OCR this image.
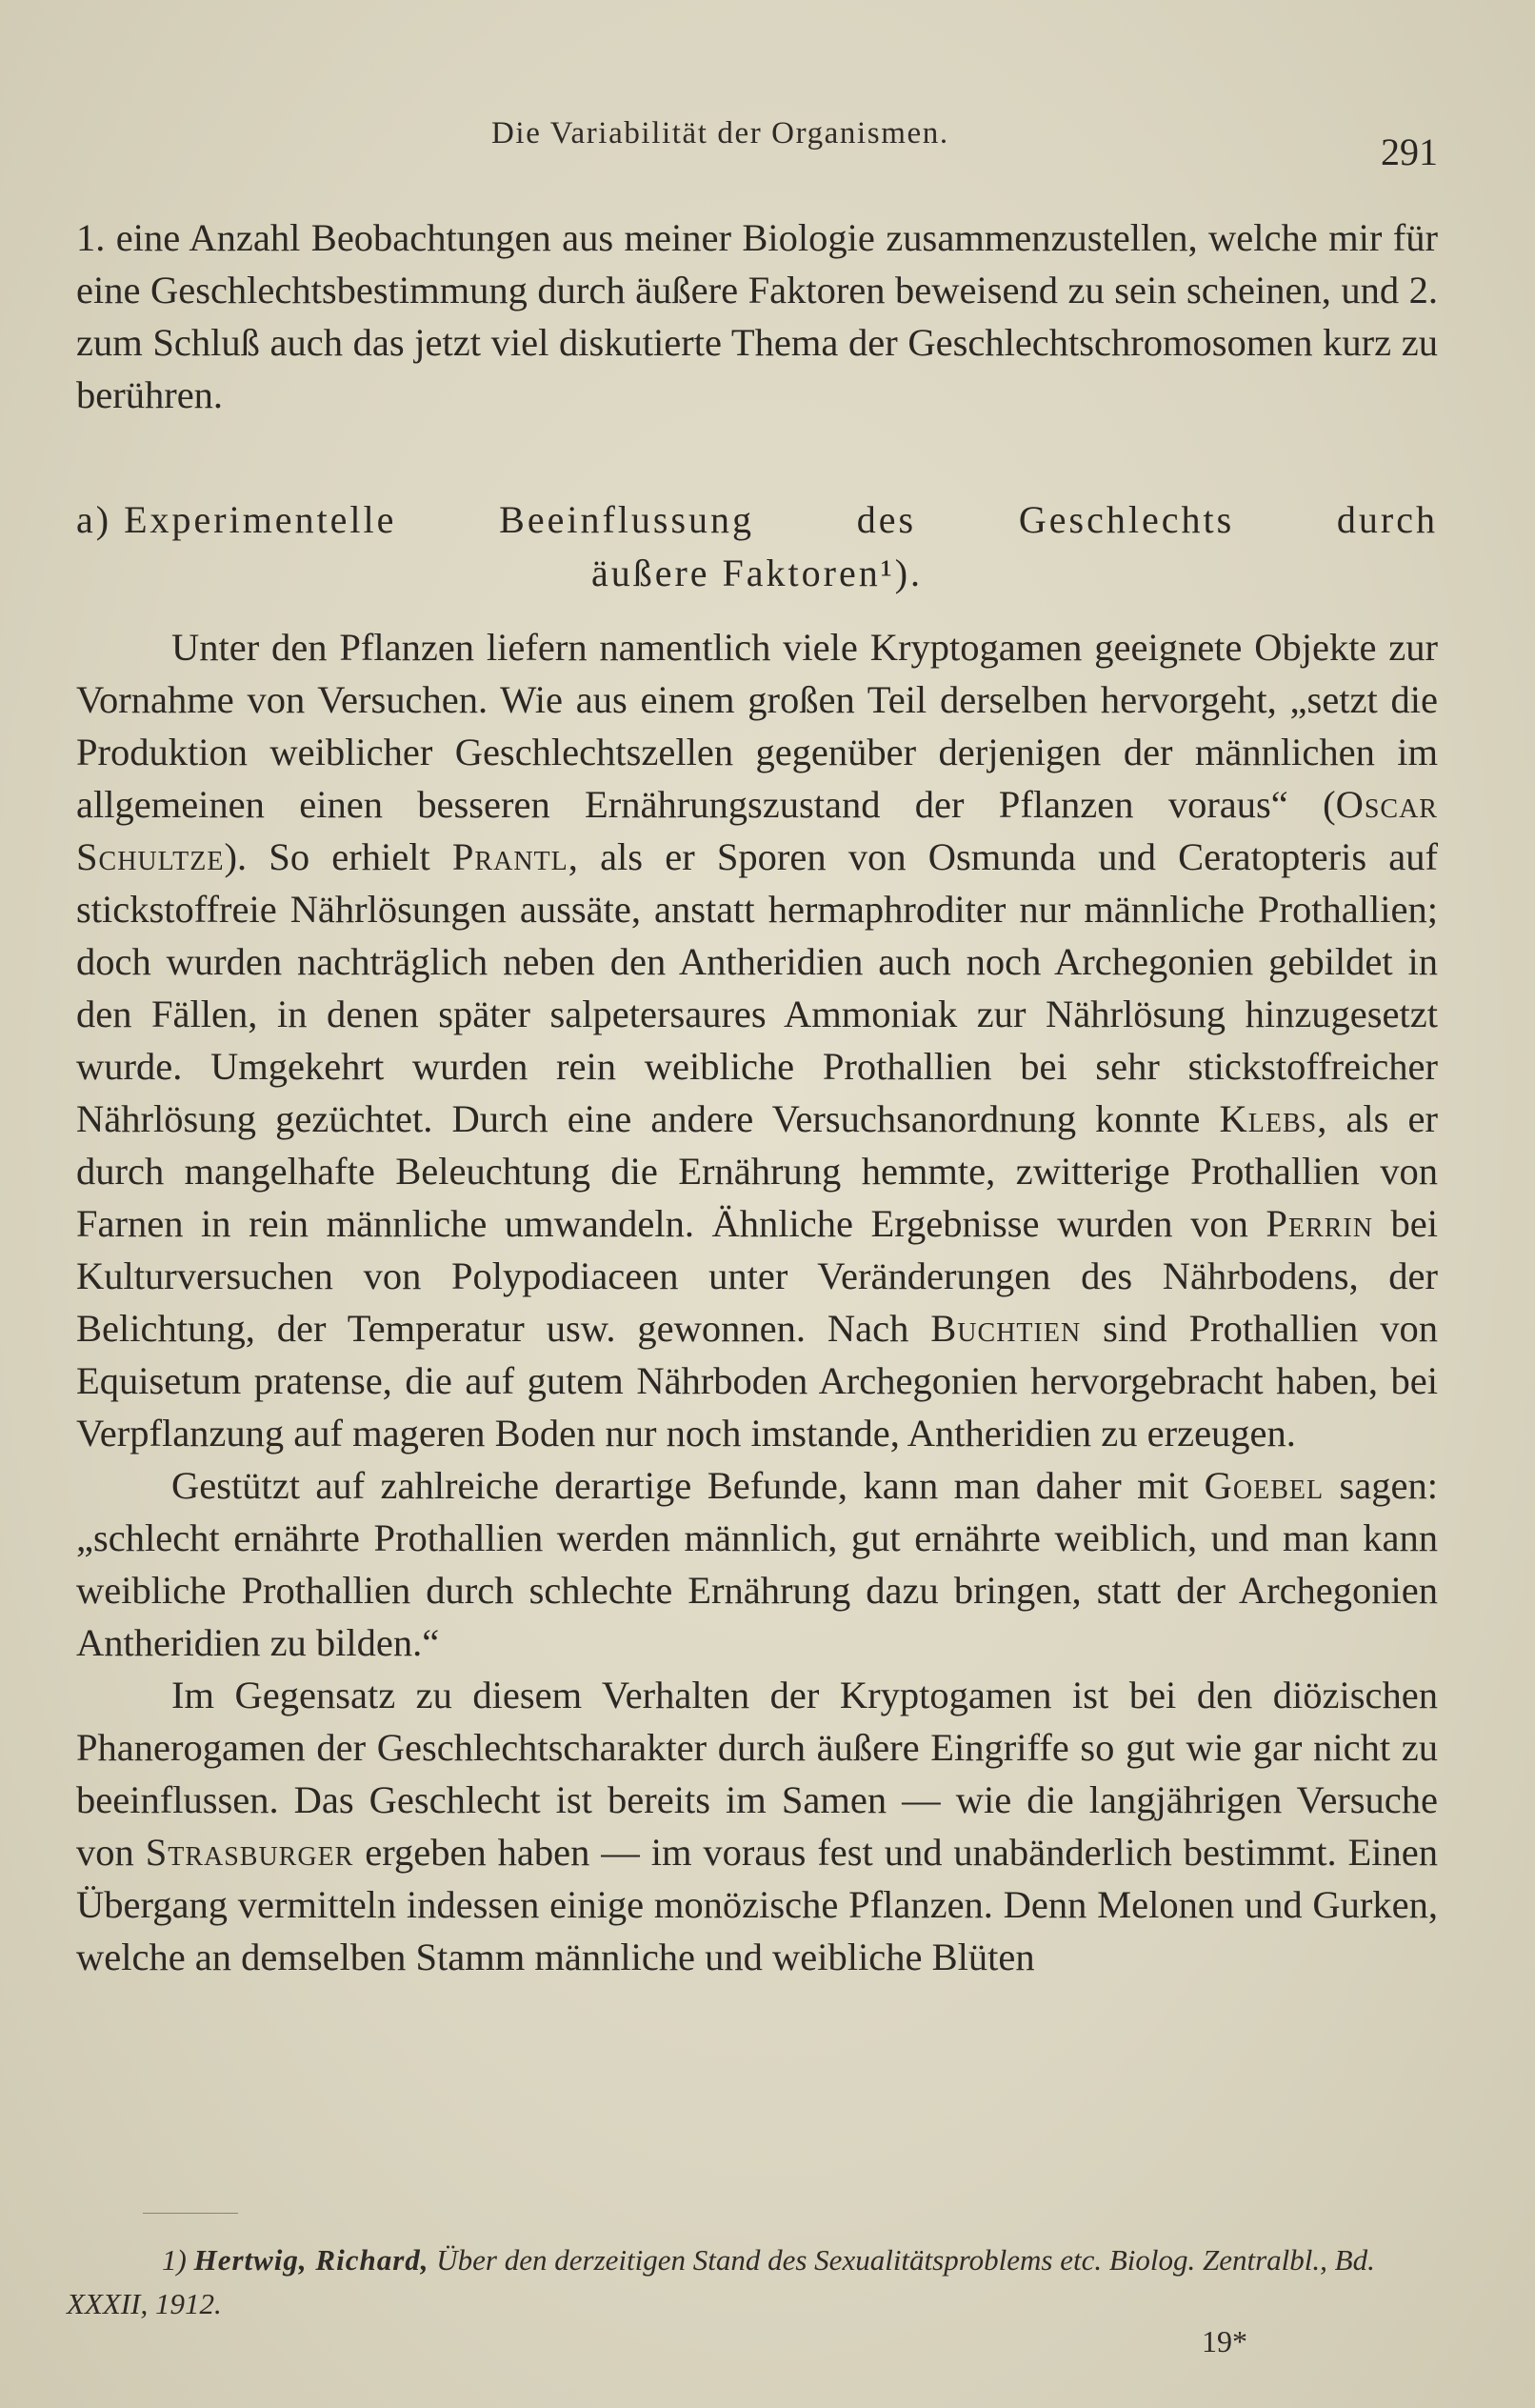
Die Variabilität der Organismen.	291
1. eine Anzahl Beobachtungen aus meiner Biologie zusammenzustellen, welche mir für eine Geschlechtsbestimmung durch äußere Faktoren beweisend zu sein scheinen, und 2. zum Schluß auch das jetzt viel diskutierte Thema der Geschlechtschromosomen kurz zu berühren.
a) Experimentelle	Beeinflussung	des	Geschlechts	durch
äußere Faktoren¹).

Unter den Pflanzen liefern namentlich viele Kryptogamen geeignete Objekte zur Vornahme von Versuchen. Wie aus einem großen Teil derselben hervorgeht, „setzt die Produktion weiblicher Geschlechtszellen gegenüber derjenigen der männlichen im allgemeinen einen besseren Ernährungszustand der Pflanzen voraus“ (Oscar Schultze). So erhielt Prantl, als er Sporen von Osmunda und Ceratopteris auf stickstoffreie Nährlösungen aussäte, anstatt hermaphroditer nur männliche Prothallien; doch wurden nachträglich neben den Antheridien auch noch Archegonien gebildet in den Fällen, in denen später salpetersaures Ammoniak zur Nährlösung hinzugesetzt wurde. Umgekehrt wurden rein weibliche Prothallien bei sehr stickstoffreicher Nährlösung gezüchtet. Durch eine andere Versuchsanordnung konnte Klebs, als er durch mangelhafte Beleuchtung die Ernährung hemmte, zwitterige Prothallien von Farnen in rein männliche umwandeln. Ähnliche Ergebnisse wurden von Perrin bei Kulturversuchen von Polypodiaceen unter Veränderungen des Nährbodens, der Belichtung, der Temperatur usw. gewonnen. Nach Buchtien sind Prothallien von Equisetum pratense, die auf gutem Nährboden Archegonien hervorgebracht haben, bei Verpflanzung auf mageren Boden nur noch imstande, Antheridien zu erzeugen.

Gestützt auf zahlreiche derartige Befunde, kann man daher mit Goebel sagen: „schlecht ernährte Prothallien werden männlich, gut ernährte weiblich, und man kann weibliche Prothallien durch schlechte Ernährung dazu bringen, statt der Archegonien Antheridien zu bilden.“

Im Gegensatz zu diesem Verhalten der Kryptogamen ist bei den diözischen Phanerogamen der Geschlechtscharakter durch äußere Eingriffe so gut wie gar nicht zu beeinflussen. Das Geschlecht ist bereits im Samen — wie die langjährigen Versuche von Strasburger ergeben haben — im voraus fest und unabänderlich bestimmt. Einen Übergang vermitteln indessen einige monözische Pflanzen. Denn Melonen und Gurken, welche an demselben Stamm männliche und weibliche Blüten

1) Hertwig, Richard, Über den derzeitigen Stand des Sexualitätsproblems etc. Biolog. Zentralbl., Bd. XXXII, 1912.
19*
